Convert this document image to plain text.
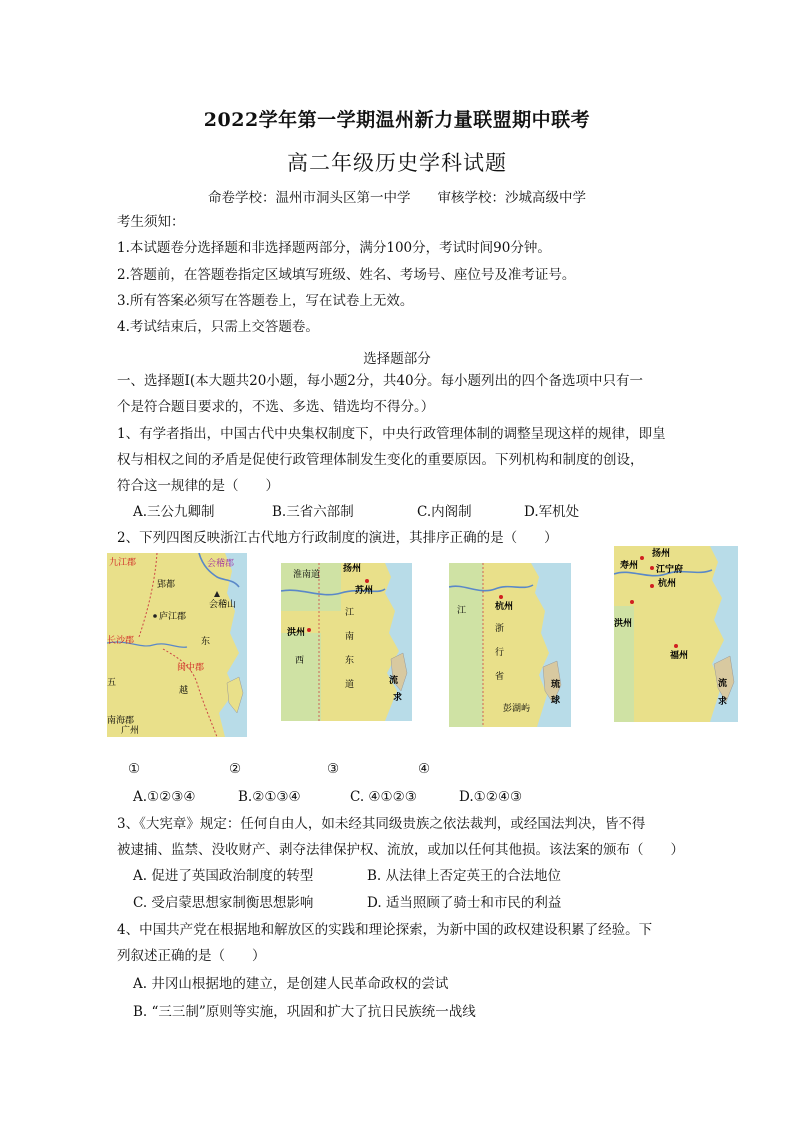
2022学年第一学期温州新力量联盟期中联考
高二年级历史学科试题
命卷学校：温州市洞头区第一中学　　审核学校：沙城高级中学
考生须知：
1.本试题卷分选择题和非选择题两部分，满分100分，考试时间90分钟。
2.答题前，在答题卷指定区域填写班级、姓名、考场号、座位号及准考证号。
3.所有答案必须写在答题卷上，写在试卷上无效。
4.考试结束后，只需上交答题卷。
选择题部分
一、选择题I(本大题共20小题，每小题2分，共40分。每小题列出的四个备选项中只有一
个是符合题目要求的，不选、多选、错选均不得分。）
1、有学者指出，中国古代中央集权制度下，中央行政管理体制的调整呈现这样的规律，即皇
权与相权之间的矛盾是促使行政管理体制发生变化的重要原因。下列机构和制度的创设，
符合这一规律的是（　　）
A.三公九卿制	B.三省六部制	C.内阁制	D.军机处
2、下列四图反映浙江古代地方行政制度的演进，其排序正确的是（　　）
九江郡	会稽郡
郢都
庐江郡
长沙郡	东
闽中郡
越
南海郡
五
会稽山
广州
扬州
苏州
淮南道
洪州
江
南
东
西
道	流
求
江	杭州
浙
行
省
琉
球
彭湖屿
扬州
寿州 江宁府
杭州
洪州
福州
流
求
①	②	③	④
A.①②③④	B.②①③④	C. ④①②③	D.①②④③
3、《大宪章》规定：任何自由人，如未经其同级贵族之依法裁判，或经国法判决，皆不得
被逮捕、监禁、没收财产、剥夺法律保护权、流放，或加以任何其他损。该法案的颁布（　　）
A. 促进了英国政治制度的转型	B. 从法律上否定英王的合法地位
C. 受启蒙思想家制衡思想影响	D. 适当照顾了骑士和市民的利益
4、中国共产党在根据地和解放区的实践和理论探索，为新中国的政权建设积累了经验。下
列叙述正确的是（　　）
A. 井冈山根据地的建立，是创建人民革命政权的尝试
B. “三三制”原则等实施，巩固和扩大了抗日民族统一战线
